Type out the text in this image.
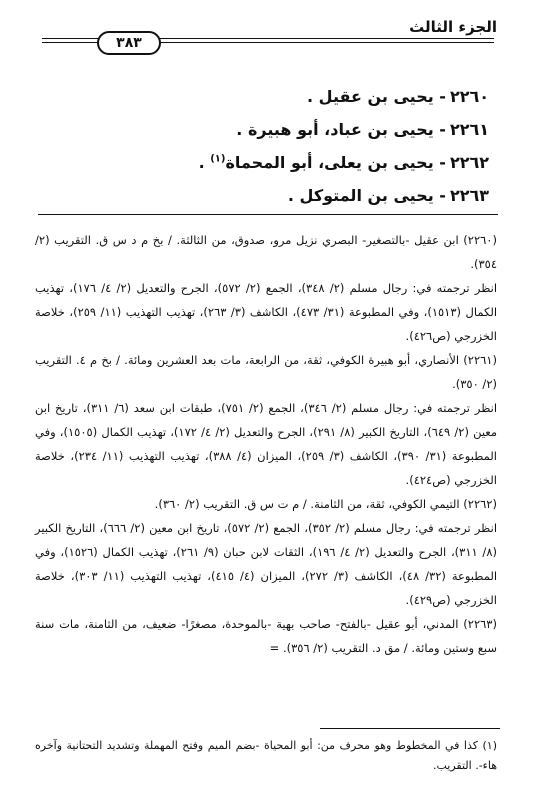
الجزء الثالث
٣٨٣
٢٢٦٠- يحيى بن عقيل .
٢٢٦١- يحيى بن عباد، أبو هبيرة .
٢٢٦٢- يحيى بن يعلى، أبو المحماة$^{(١)}$ .
٢٢٦٣- يحيى بن المتوكل .

(٢٢٦٠) ابن عقيل -بالتصغير- البصري نزيل مرو، صدوق، من الثالثة. / بخ م د س ق. التقريب (٢/ ٣٥٤).

انظر ترجمته في: رجال مسلم (٢/ ٣٤٨)، الجمع (٢/ ٥٧٢)، الجرح والتعديل (٢/ ٤/ ١٧٦)، تهذيب الكمال (١٥١٣)، وفي المطبوعة (٣١/ ٤٧٣)، الكاشف (٣/ ٢٦٣)، تهذيب التهذيب (١١/ ٢٥٩)، خلاصة الخزرجي (ص٤٢٦).

(٢٢٦١) الأنصاري، أبو هبيرة الكوفي، ثقة، من الرابعة، مات بعد العشرين ومائة. / بخ م ٤. التقريب (٢/ ٣٥٠).

انظر ترجمته في: رجال مسلم (٢/ ٣٤٦)، الجمع (٢/ ٧٥١)، طبقات ابن سعد (٦/ ٣١١)، تاريخ ابن معين (٢/ ٦٤٩)، التاريخ الكبير (٨/ ٢٩١)، الجرح والتعديل (٢/ ٤/ ١٧٢)، تهذيب الكمال (١٥٠٥)، وفي المطبوعة (٣١/ ٣٩٠)، الكاشف (٣/ ٢٥٩)، الميزان (٤/ ٣٨٨)، تهذيب التهذيب (١١/ ٢٣٤)، خلاصة الخزرجي (ص٤٢٤).

(٢٢٦٢) التيمي الكوفي، ثقة، من الثامنة. / م ت س ق. التقريب (٢/ ٣٦٠).

انظر ترجمته في: رجال مسلم (٢/ ٣٥٢)، الجمع (٢/ ٥٧٢)، تاريخ ابن معين (٢/ ٦٦٦)، التاريخ الكبير (٨/ ٣١١)، الجرح والتعديل (٢/ ٤/ ١٩٦)، الثقات لابن حبان (٩/ ٢٦١)، تهذيب الكمال (١٥٢٦)، وفي المطبوعة (٣٢/ ٤٨)، الكاشف (٣/ ٢٧٢)، الميزان (٤/ ٤١٥)، تهذيب التهذيب (١١/ ٣٠٣)، خلاصة الخزرجي (ص٤٢٩).

(٢٢٦٣) المدني، أبو عقيل -بالفتح- صاحب بهية -بالموحدة، مصغرًا- ضعيف، من الثامنة، مات سنة سبع وستين ومائة. / مق د. التقريب (٢/ ٣٥٦). =

(١) كذا في المخطوط وهو محرف من: أبو المحياة -بضم الميم وفتح المهملة وتشديد التحتانية وآخره هاء-. التقريب.
